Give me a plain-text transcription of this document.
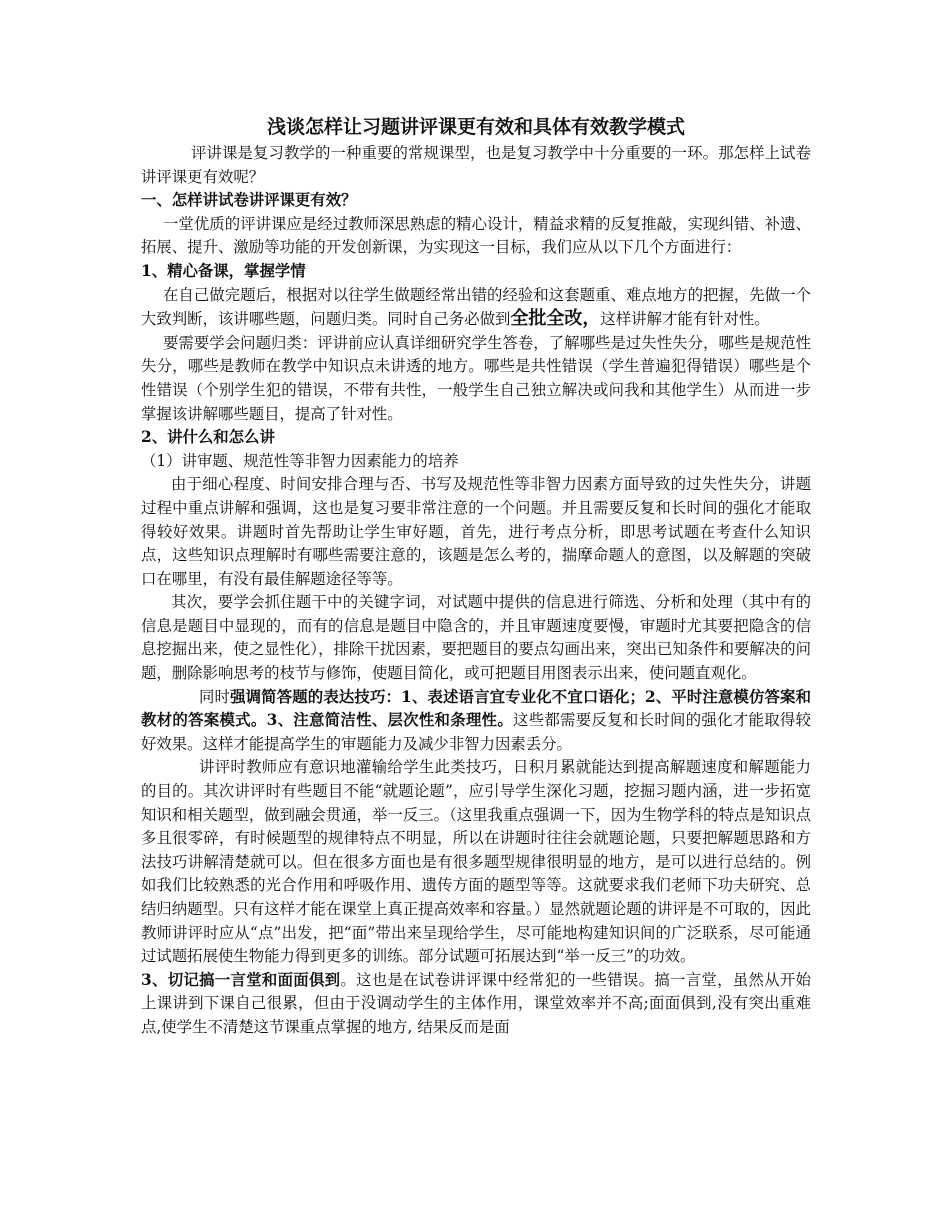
浅谈怎样让习题讲评课更有效和具体有效教学模式

评讲课是复习教学的一种重要的常规课型，也是复习教学中十分重要的一环。那怎样上试卷讲评课更有效呢？

一、怎样讲试卷讲评课更有效？

一堂优质的评讲课应是经过教师深思熟虑的精心设计，精益求精的反复推敲，实现纠错、补遗、拓展、提升、激励等功能的开发创新课，为实现这一目标，我们应从以下几个方面进行：

1、精心备课，掌握学情

在自己做完题后，根据对以往学生做题经常出错的经验和这套题重、难点地方的把握，先做一个大致判断，该讲哪些题，问题归类。同时自己务必做到全批全改，这样讲解才能有针对性。

要需要学会问题归类：评讲前应认真详细研究学生答卷，了解哪些是过失性失分，哪些是规范性失分，哪些是教师在教学中知识点未讲透的地方。哪些是共性错误（学生普遍犯得错误）哪些是个性错误（个别学生犯的错误，不带有共性，一般学生自己独立解决或问我和其他学生）从而进一步掌握该讲解哪些题目，提高了针对性。

2、讲什么和怎么讲

（1）讲审题、规范性等非智力因素能力的培养

由于细心程度、时间安排合理与否、书写及规范性等非智力因素方面导致的过失性失分，讲题过程中重点讲解和强调，这也是复习要非常注意的一个问题。并且需要反复和长时间的强化才能取得较好效果。讲题时首先帮助让学生审好题，首先，进行考点分析，即思考试题在考查什么知识点，这些知识点理解时有哪些需要注意的，该题是怎么考的，揣摩命题人的意图，以及解题的突破口在哪里，有没有最佳解题途径等等。

其次，要学会抓住题干中的关键字词，对试题中提供的信息进行筛选、分析和处理（其中有的信息是题目中显现的，而有的信息是题目中隐含的，并且审题速度要慢，审题时尤其要把隐含的信息挖掘出来，使之显性化），排除干扰因素，要把题目的要点勾画出来，突出已知条件和要解决的问题，删除影响思考的枝节与修饰，使题目简化，或可把题目用图表示出来，使问题直观化。

同时强调简答题的表达技巧：1、表述语言宜专业化不宜口语化；2、平时注意模仿答案和教材的答案模式。3、注意简洁性、层次性和条理性。这些都需要反复和长时间的强化才能取得较好效果。这样才能提高学生的审题能力及减少非智力因素丢分。

讲评时教师应有意识地灌输给学生此类技巧，日积月累就能达到提高解题速度和解题能力的目的。其次讲评时有些题目不能“就题论题”，应引导学生深化习题，挖掘习题内涵，进一步拓宽知识和相关题型，做到融会贯通，举一反三。（这里我重点强调一下，因为生物学科的特点是知识点多且很零碎，有时候题型的规律特点不明显，所以在讲题时往往会就题论题，只要把解题思路和方法技巧讲解清楚就可以。但在很多方面也是有很多题型规律很明显的地方，是可以进行总结的。例如我们比较熟悉的光合作用和呼吸作用、遗传方面的题型等等。这就要求我们老师下功夫研究、总结归纳题型。只有这样才能在课堂上真正提高效率和容量。）显然就题论题的讲评是不可取的，因此教师讲评时应从“点”出发，把“面”带出来呈现给学生，尽可能地构建知识间的广泛联系，尽可能通过试题拓展使生物能力得到更多的训练。部分试题可拓展达到“举一反三”的功效。

3、切记搞一言堂和面面俱到。这也是在试卷讲评课中经常犯的一些错误。搞一言堂，虽然从开始上课讲到下课自己很累，但由于没调动学生的主体作用，课堂效率并不高;面面俱到,没有突出重难点,使学生不清楚这节课重点掌握的地方, 结果反而是面
